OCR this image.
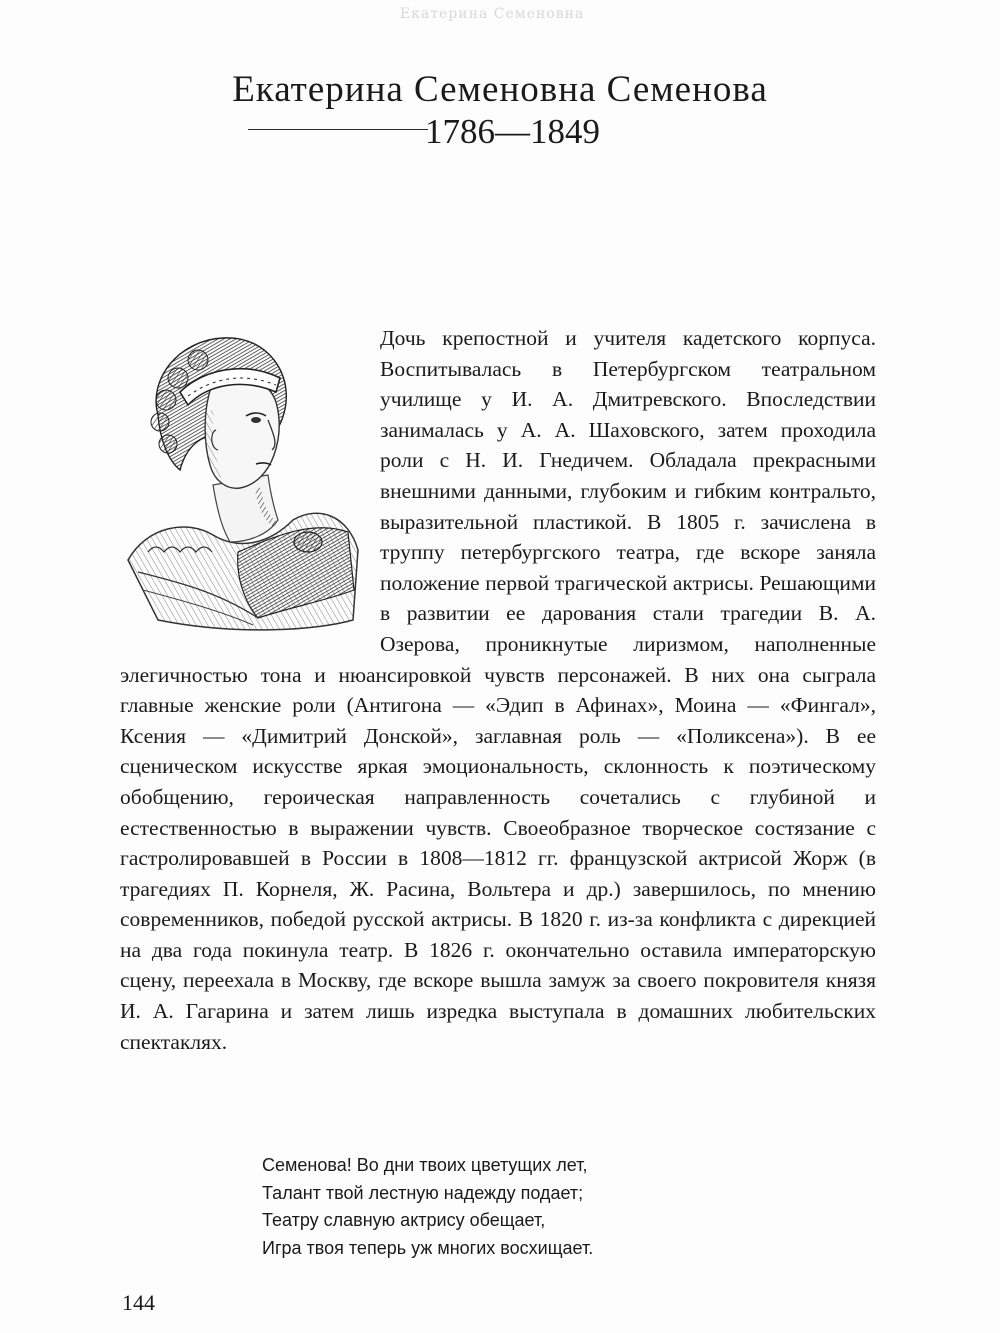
Екатерина Семеновна
Екатерина Семеновна Семенова
1786—1849

Дочь крепостной и учителя кадетского корпуса. Воспитывалась в Петербургском театральном училище у И. А. Дмитревского. Впоследствии занималась у А. А. Шаховского, затем проходила роли с Н. И. Гнедичем. Обладала прекрасными внешними данными, глубоким и гибким контральто, выразительной пластикой. В 1805 г. зачислена в труппу петербургского театра, где вскоре заняла положение первой трагической актрисы. Решающими в развитии ее дарования стали трагедии В. А. Озерова, проникнутые лиризмом, наполненные элегичностью тона и нюансировкой чувств персонажей. В них она сыграла главные женские роли (Антигона — «Эдип в Афинах», Моина — «Фингал», Ксения — «Димитрий Донской», заглавная роль — «Поликсена»). В ее сценическом искусстве яркая эмоциональность, склонность к поэтическому обобщению, героическая направленность сочетались с глубиной и естественностью в выражении чувств. Своеобразное творческое состязание с гастролировавшей в России в 1808—1812 гг. французской актрисой Жорж (в трагедиях П. Корнеля, Ж. Расина, Вольтера и др.) завершилось, по мнению современников, победой русской актрисы. В 1820 г. из-за конфликта с дирекцией на два года покинула театр. В 1826 г. окончательно оставила императорскую сцену, переехала в Москву, где вскоре вышла замуж за своего покровителя князя И. А. Гагарина и затем лишь изредка выступала в домашних любительских спектаклях.

Семенова! Во дни твоих цветущих лет,
Талант твой лестную надежду подает;
Театру славную актрису обещает,
Игра твоя теперь уж многих восхищает.
144
